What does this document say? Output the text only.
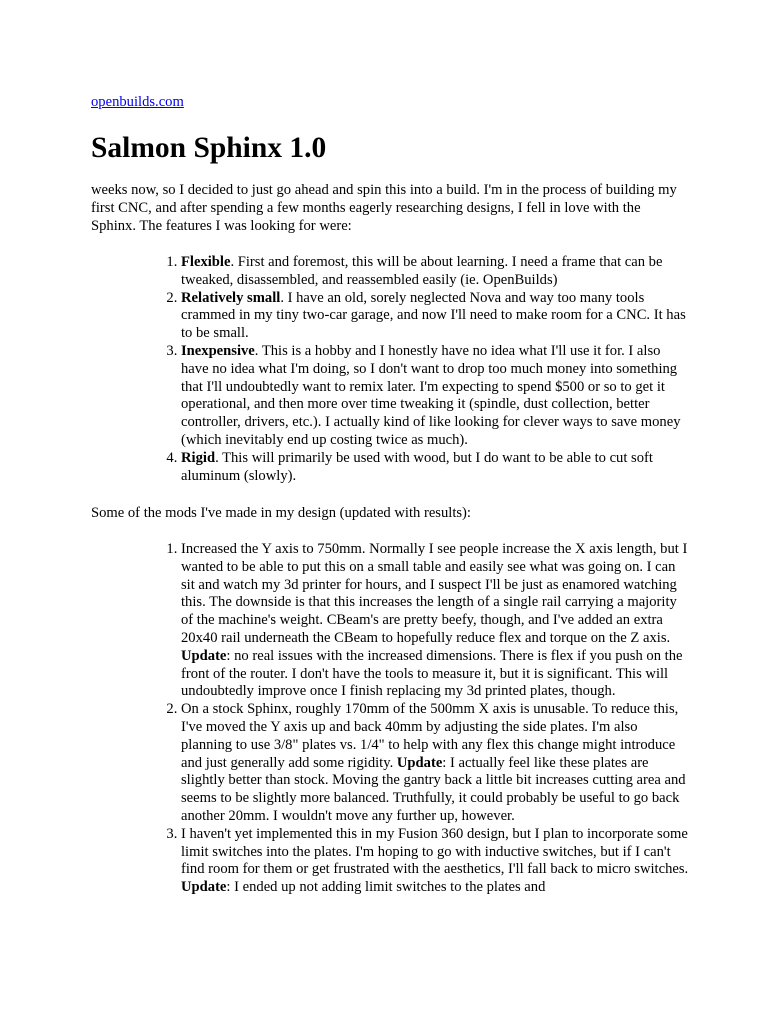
openbuilds.com
Salmon Sphinx 1.0

weeks now, so I decided to just go ahead and spin this into a build. I'm in the process of building my first CNC, and after spending a few months eagerly researching designs, I fell in love with the Sphinx. The features I was looking for were:

1. Flexible. First and foremost, this will be about learning. I need a frame that can be tweaked, disassembled, and reassembled easily (ie. OpenBuilds)
2. Relatively small. I have an old, sorely neglected Nova and way too many tools crammed in my tiny two-car garage, and now I'll need to make room for a CNC. It has to be small.
3. Inexpensive. This is a hobby and I honestly have no idea what I'll use it for. I also have no idea what I'm doing, so I don't want to drop too much money into something that I'll undoubtedly want to remix later. I'm expecting to spend $500 or so to get it operational, and then more over time tweaking it (spindle, dust collection, better controller, drivers, etc.). I actually kind of like looking for clever ways to save money (which inevitably end up costing twice as much).
4. Rigid. This will primarily be used with wood, but I do want to be able to cut soft aluminum (slowly).

Some of the mods I've made in my design (updated with results):

1. Increased the Y axis to 750mm. Normally I see people increase the X axis length, but I wanted to be able to put this on a small table and easily see what was going on. I can sit and watch my 3d printer for hours, and I suspect I'll be just as enamored watching this. The downside is that this increases the length of a single rail carrying a majority of the machine's weight. CBeam's are pretty beefy, though, and I've added an extra 20x40 rail underneath the CBeam to hopefully reduce flex and torque on the Z axis. Update: no real issues with the increased dimensions. There is flex if you push on the front of the router. I don't have the tools to measure it, but it is significant. This will undoubtedly improve once I finish replacing my 3d printed plates, though.
2. On a stock Sphinx, roughly 170mm of the 500mm X axis is unusable. To reduce this, I've moved the Y axis up and back 40mm by adjusting the side plates. I'm also planning to use 3/8" plates vs. 1/4" to help with any flex this change might introduce and just generally add some rigidity. Update: I actually feel like these plates are slightly better than stock. Moving the gantry back a little bit increases cutting area and seems to be slightly more balanced. Truthfully, it could probably be useful to go back another 20mm. I wouldn't move any further up, however.
3. I haven't yet implemented this in my Fusion 360 design, but I plan to incorporate some limit switches into the plates. I'm hoping to go with inductive switches, but if I can't find room for them or get frustrated with the aesthetics, I'll fall back to micro switches. Update: I ended up not adding limit switches to the plates and
